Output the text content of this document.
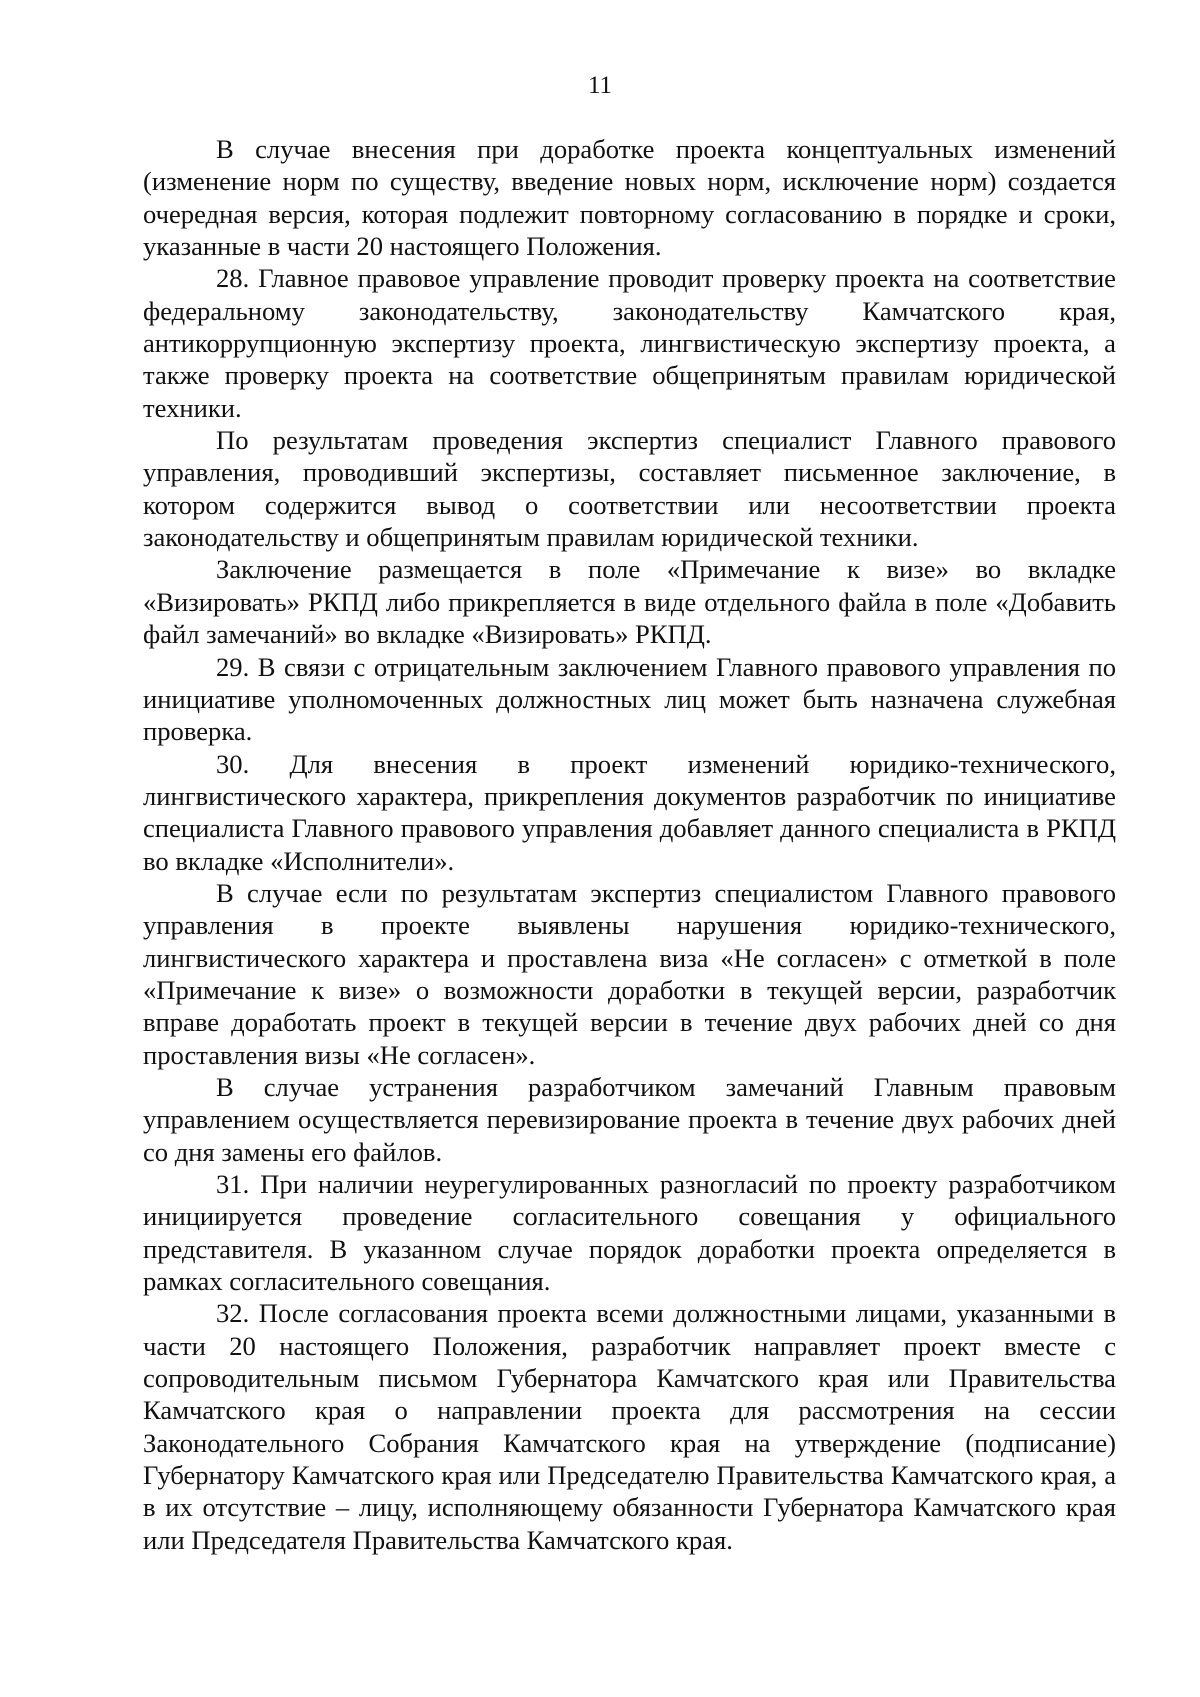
11

В случае внесения при доработке проекта концептуальных изменений (изменение норм по существу, введение новых норм, исключение норм) создается очередная версия, которая подлежит повторному согласованию в порядке и сроки, указанные в части 20 настоящего Положения.

28. Главное правовое управление проводит проверку проекта на соответствие федеральному законодательству, законодательству Камчатского края, антикоррупционную экспертизу проекта, лингвистическую экспертизу проекта, а также проверку проекта на соответствие общепринятым правилам юридической техники.

По результатам проведения экспертиз специалист Главного правового управления, проводивший экспертизы, составляет письменное заключение, в котором содержится вывод о соответствии или несоответствии проекта законодательству и общепринятым правилам юридической техники.

Заключение размещается в поле «Примечание к визе» во вкладке «Визировать» РКПД либо прикрепляется в виде отдельного файла в поле «Добавить файл замечаний» во вкладке «Визировать» РКПД.

29. В связи с отрицательным заключением Главного правового управления по инициативе уполномоченных должностных лиц может быть назначена служебная проверка.

30. Для внесения в проект изменений юридико-технического, лингвистического характера, прикрепления документов разработчик по инициативе специалиста Главного правового управления добавляет данного специалиста в РКПД во вкладке «Исполнители».

В случае если по результатам экспертиз специалистом Главного правового управления в проекте выявлены нарушения юридико-технического, лингвистического характера и проставлена виза «Не согласен» с отметкой в поле «Примечание к визе» о возможности доработки в текущей версии, разработчик вправе доработать проект в текущей версии в течение двух рабочих дней со дня проставления визы «Не согласен».

В случае устранения разработчиком замечаний Главным правовым управлением осуществляется перевизирование проекта в течение двух рабочих дней со дня замены его файлов.

31. При наличии неурегулированных разногласий по проекту разработчиком инициируется проведение согласительного совещания у официального представителя. В указанном случае порядок доработки проекта определяется в рамках согласительного совещания.

32. После согласования проекта всеми должностными лицами, указанными в части 20 настоящего Положения, разработчик направляет проект вместе с сопроводительным письмом Губернатора Камчатского края или Правительства Камчатского края о направлении проекта для рассмотрения на сессии Законодательного Собрания Камчатского края на утверждение (подписание) Губернатору Камчатского края или Председателю Правительства Камчатского края, а в их отсутствие – лицу, исполняющему обязанности Губернатора Камчатского края или Председателя Правительства Камчатского края.
